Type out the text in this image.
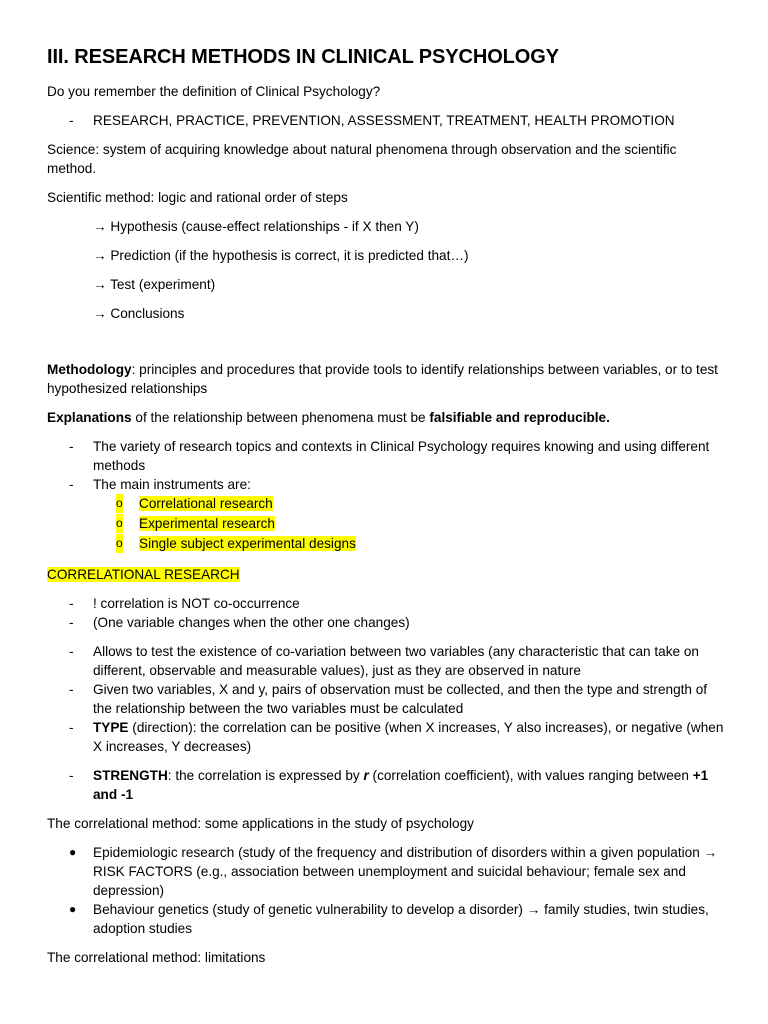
III. RESEARCH METHODS IN CLINICAL PSYCHOLOGY

Do you remember the definition of Clinical Psychology?

- RESEARCH, PRACTICE, PREVENTION, ASSESSMENT, TREATMENT, HEALTH PROMOTION

Science: system of acquiring knowledge about natural phenomena through observation and the scientific method.

Scientific method: logic and rational order of steps

→ Hypothesis (cause-effect relationships - if X then Y)

→ Prediction (if the hypothesis is correct, it is predicted that…)

→ Test (experiment)

→ Conclusions

Methodology: principles and procedures that provide tools to identify relationships between variables, or to test hypothesized relationships

Explanations of the relationship between phenomena must be falsifiable and reproducible.

- The variety of research topics and contexts in Clinical Psychology requires knowing and using different methods
- The main instruments are:
o Correlational research
o Experimental research
o Single subject experimental designs

CORRELATIONAL RESEARCH

- ! correlation is NOT co-occurrence
- (One variable changes when the other one changes)
- Allows to test the existence of co-variation between two variables (any characteristic that can take on different, observable and measurable values), just as they are observed in nature
- Given two variables, X and y, pairs of observation must be collected, and then the type and strength of the relationship between the two variables must be calculated
- TYPE (direction): the correlation can be positive (when X increases, Y also increases), or negative (when X increases, Y decreases)
- STRENGTH: the correlation is expressed by r (correlation coefficient), with values ranging between +1 and -1

The correlational method: some applications in the study of psychology

● Epidemiologic research (study of the frequency and distribution of disorders within a given population → RISK FACTORS (e.g., association between unemployment and suicidal behaviour; female sex and depression)
● Behaviour genetics (study of genetic vulnerability to develop a disorder) → family studies, twin studies, adoption studies

The correlational method: limitations
